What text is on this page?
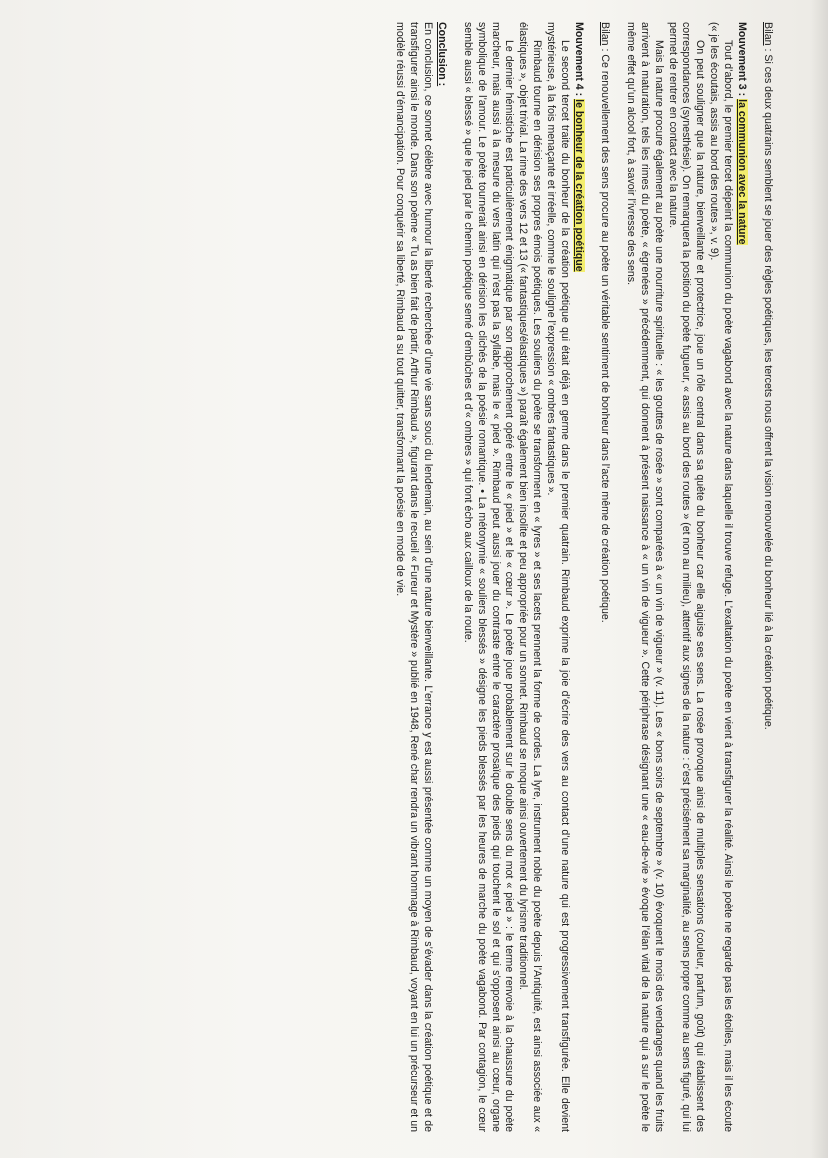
Bilan : Si ces deux quatrains semblent se jouer des règles poétiques, les tercets nous offrent la vision renouvelée du bonheur lié à la création poétique.

Mouvement 3 : la communion avec la nature

Tout d’abord, le premier tercet dépeint la communion du poète vagabond avec la nature dans laquelle il trouve refuge. L’exaltation du poète en vient à transfigurer la réalité. Ainsi le poète ne regarde pas les étoiles, mais il les écoute (« je les écoutais, assis au bord des routes », v. 9).

On peut souligner que la nature, bienveillante et protectrice, joue un rôle central dans sa quête du bonheur car elle aiguise ses sens. La rosée provoque ainsi de multiples sensations (couleur, parfum, goût) qui établissent des correspondances (synesthésie). On remarquera la position du poète fugueur, « assis au bord des routes » (et non au milieu), attentif aux signes de la nature : c’est précisément sa marginalité, au sens propre comme au sens figuré, qui lui permet de rentrer en contact avec la nature.

Mais la nature procure également au poète une nourriture spirituelle : « les gouttes de rosée » sont comparées à « un vin de vigueur » (v. 11). Les « bons soirs de septembre » (v. 10) évoquent le mois des vendanges quand les fruits arrivent à maturation, tels les rimes du poète, « égrenées » précédemment, qui donnent à présent naissance à « un vin de vigueur ». Cette périphrase désignant une « eau-de-vie » évoque l’élan vital de la nature qui a sur le poète le même effet qu’un alcool fort, à savoir l’ivresse des sens.

Bilan : Ce renouvellement des sens procure au poète un véritable sentiment de bonheur dans l’acte même de création poétique.

Mouvement 4 : le bonheur de la création poétique

Le second tercet traite du bonheur de la création poétique qui était déjà en germe dans le premier quatrain. Rimbaud exprime la joie d’écrire des vers au contact d’une nature qui est progressivement transfigurée. Elle devient mystérieuse, à la fois menaçante et irréelle, comme le souligne l’expression « ombres fantastiques ».

Rimbaud tourne en dérision ses propres émois poétiques. Les souliers du poète se transforment en « lyres » et ses lacets prennent la forme de cordes. La lyre, instrument noble du poète depuis l’Antiquité, est ainsi associée aux « élastiques », objet trivial. La rime des vers 12 et 13 (« fantastiques/élastiques ») paraît également bien insolite et peu appropriée pour un sonnet. Rimbaud se moque ainsi ouvertement du lyrisme traditionnel.

Le dernier hémistiche est particulièrement énigmatique par son rapprochement opéré entre le « pied » et le « cœur ». Le poète joue probablement sur le double sens du mot « pied » : le terme renvoie à la chaussure du poète marcheur, mais aussi à la mesure du vers latin qui n’est pas la syllabe, mais le « pied ». Rimbaud peut aussi jouer du contraste entre le caractère prosaïque des pieds qui touchent le sol et qui s’opposent ainsi au cœur, organe symbolique de l’amour. Le poète tournerait ainsi en dérision les clichés de la poésie romantique. • La métonymie « souliers blessés » désigne les pieds blessés par les heures de marche du poète vagabond. Par contagion, le cœur semble aussi « blessé » que le pied par le chemin poétique semé d’embûches et d’« ombres » qui font écho aux cailloux de la route.

Conclusion :

En conclusion, ce sonnet célèbre avec humour la liberté recherchée d’une vie sans souci du lendemain, au sein d’une nature bienveillante. L’errance y est aussi présentée comme un moyen de s’évader dans la création poétique et de transfigurer ainsi le monde. Dans son poème « Tu as bien fait de partir, Arthur Rimbaud », figurant dans le recueil « Fureur et Mystère » publié en 1948, René char rendra un vibrant hommage à Rimbaud, voyant en lui un précurseur et un modèle réussi d’émancipation. Pour conquérir sa liberté, Rimbaud a su tout quitter, transformant la poésie en mode de vie.
